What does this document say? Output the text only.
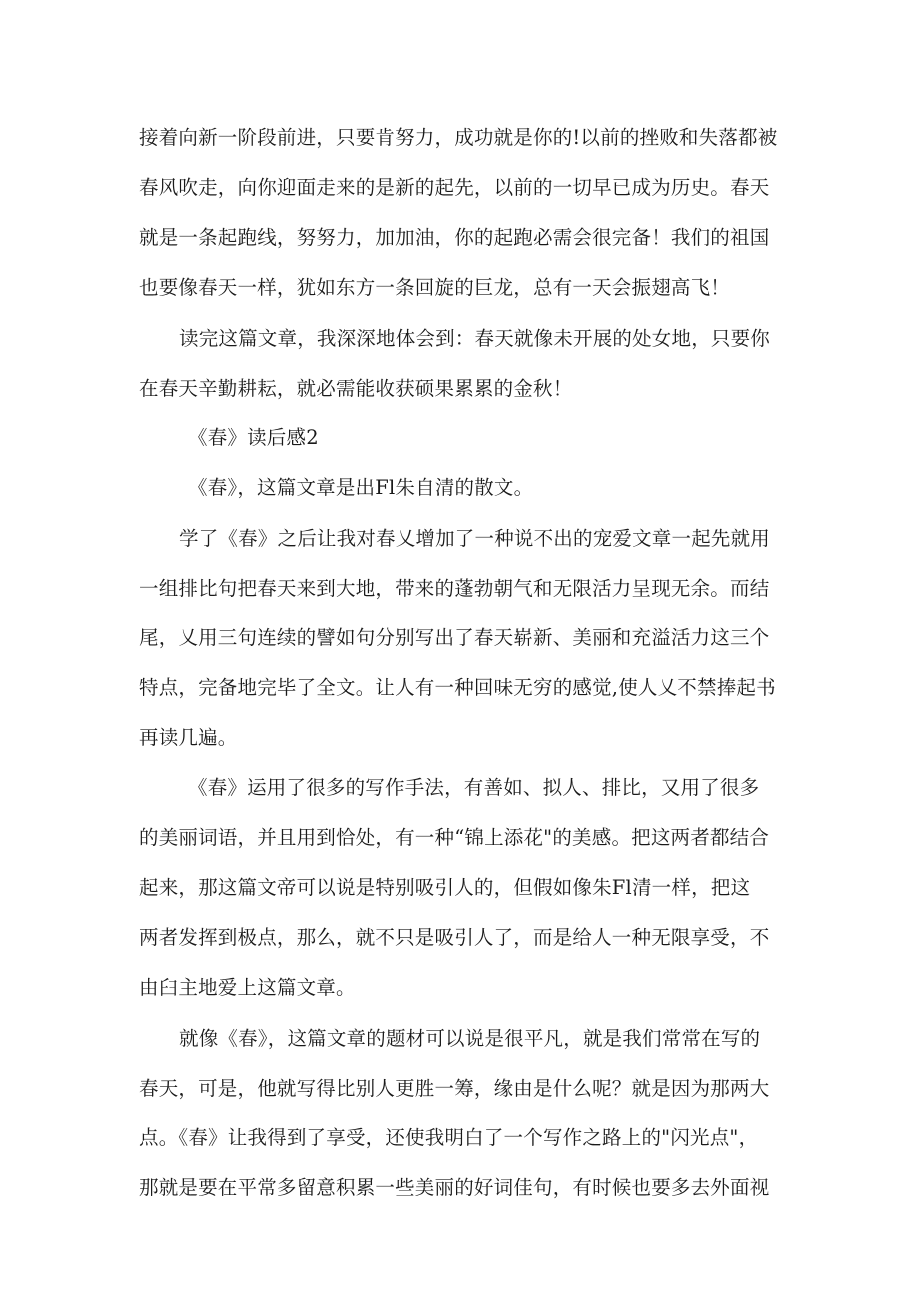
接着向新一阶段前进，只要肯努力，成功就是你的!以前的挫败和失落都被
春风吹走，向你迎面走来的是新的起先，以前的一切早已成为历史。春天
就是一条起跑线，努努力，加加油，你的起跑必需会很完备！我们的祖国
也要像春天一样，犹如东方一条回旋的巨龙，总有一天会振翅高飞！
读完这篇文章，我深深地体会到：春天就像未开展的处女地，只要你
在春天辛勤耕耘，就必需能收获硕果累累的金秋！
《春》读后感2
《春》，这篇文章是出Fl朱自清的散文。
学了《春》之后让我对春乂增加了一种说不出的宠爱文章一起先就用
一组排比句把春天来到大地，带来的蓬勃朝气和无限活力呈现无余。而结
尾，乂用三句连续的譬如句分别写出了春天崭新、美丽和充溢活力这三个
特点，完备地完毕了全文。让人有一种回味无穷的感觉,使人乂不禁捧起书
再读几遍。
《春》运用了很多的写作手法，有善如、拟人、排比，又用了很多
的美丽词语，并且用到恰处，有一种“锦上添花"的美感。把这两者都结合
起来，那这篇文帝可以说是特别吸引人的，但假如像朱Fl清一样，把这
两者发挥到极点，那么，就不只是吸引人了，而是给人一种无限享受，不
由臼主地爱上这篇文章。
就像《春》，这篇文章的题材可以说是很平凡，就是我们常常在写的
春天，可是，他就写得比别人更胜一筹，缘由是什么呢？就是因为那两大
点。《春》让我得到了享受，还使我明白了一个写作之路上的"闪光点"，
那就是要在平常多留意积累一些美丽的好词佳句，有时候也要多去外面视
